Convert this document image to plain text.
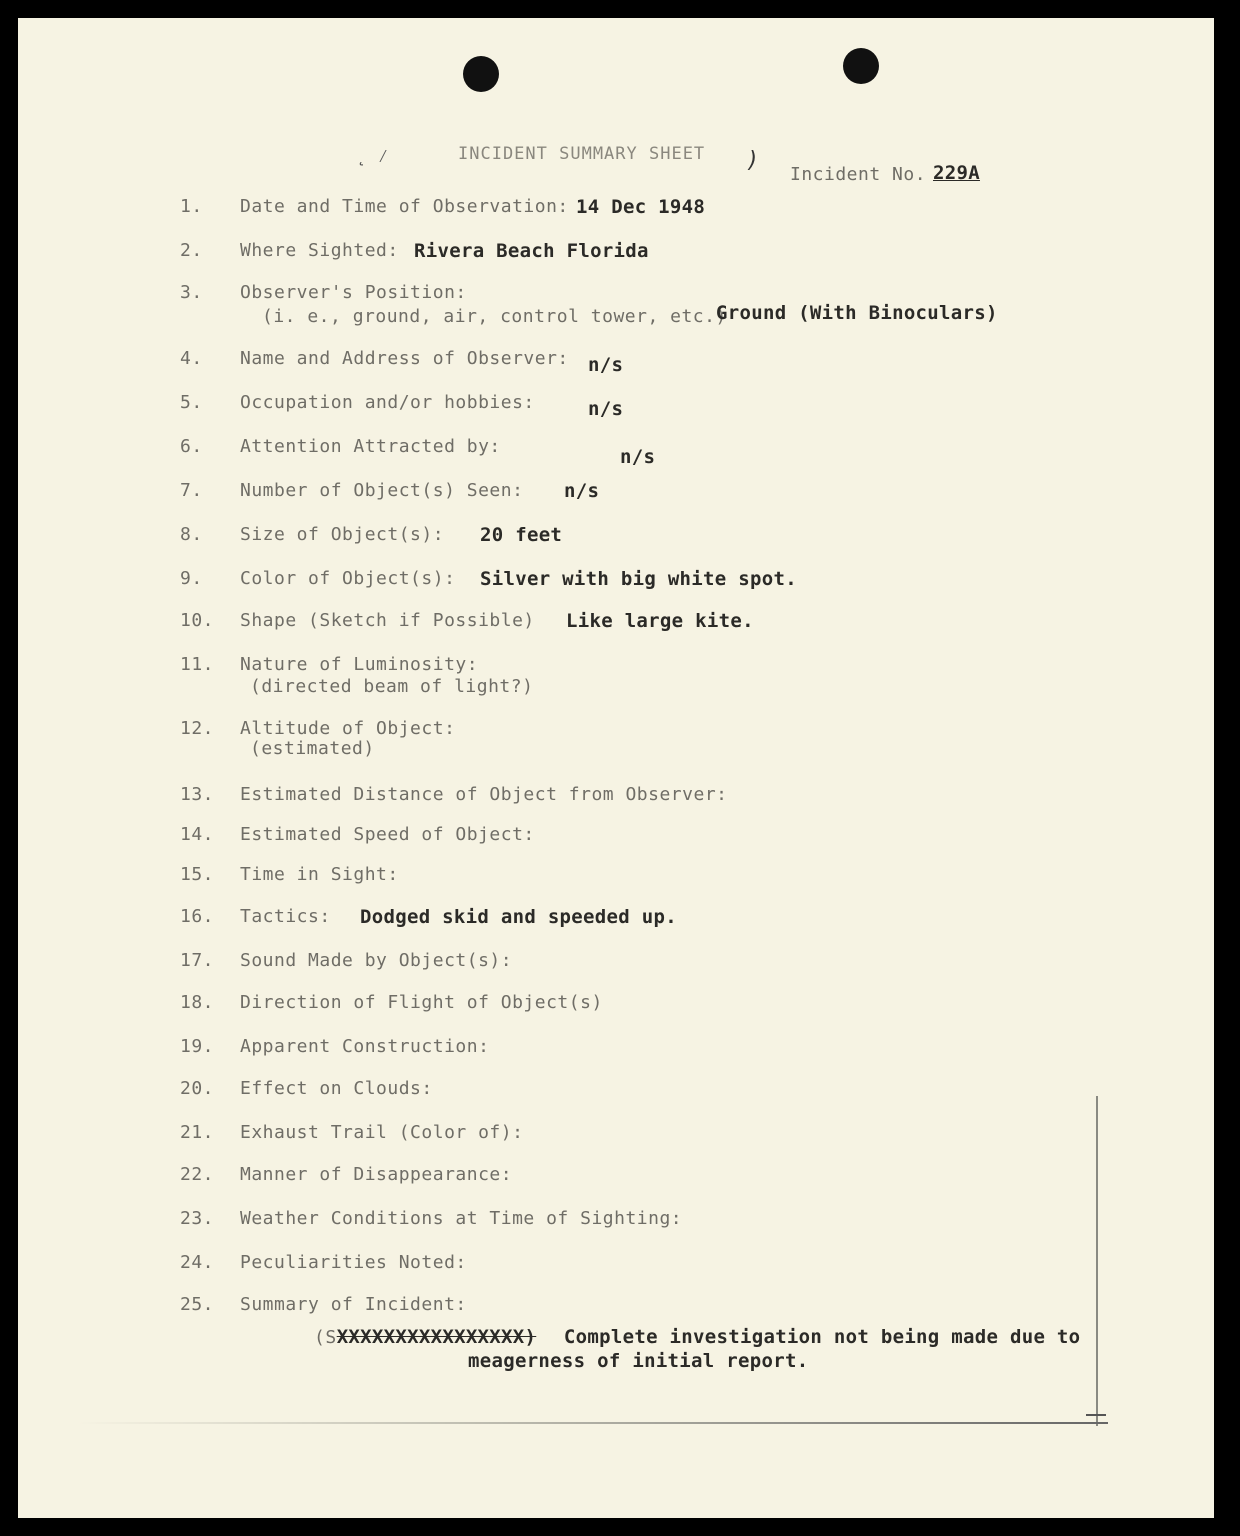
˛ ⁄	INCIDENT SUMMARY SHEET )
Incident No. 229A
1.	Date and Time of Observation: 14 Dec 1948
2.	Where Sighted: Rivera Beach Florida
3.	Observer's Position:
(i. e., ground, air, control tower, etc.)
Ground (With Binoculars)
4.	Name and Address of Observer: n/s
5.	Occupation and/or hobbies:	n/s
6.	Attention Attracted by:	n/s
7.	Number of Object(s) Seen: n/s
8.	Size of Object(s): 20 feet
9.	Color of Object(s): Silver with big white spot.
10.	Shape (Sketch if Possible) Like large kite.
11.	Nature of Luminosity:
(directed beam of light?)
12.	Altitude of Object:
(estimated)
13.	Estimated Distance of Object from Observer:
14.	Estimated Speed of Object:
15.	Time in Sight:
16.	Tactics: Dodged skid and speeded up.
17.	Sound Made by Object(s):
18.	Direction of Flight of Object(s)
19.	Apparent Construction:
20.	Effect on Clouds:
21.	Exhaust Trail (Color of):
22.	Manner of Disappearance:
23.	Weather Conditions at Time of Sighting:
24.	Peculiarities Noted:
25.	Summary of Incident:
(SXXXXXXXXXXXXXXXX) Complete investigation not being made due to
meagerness of initial report.
